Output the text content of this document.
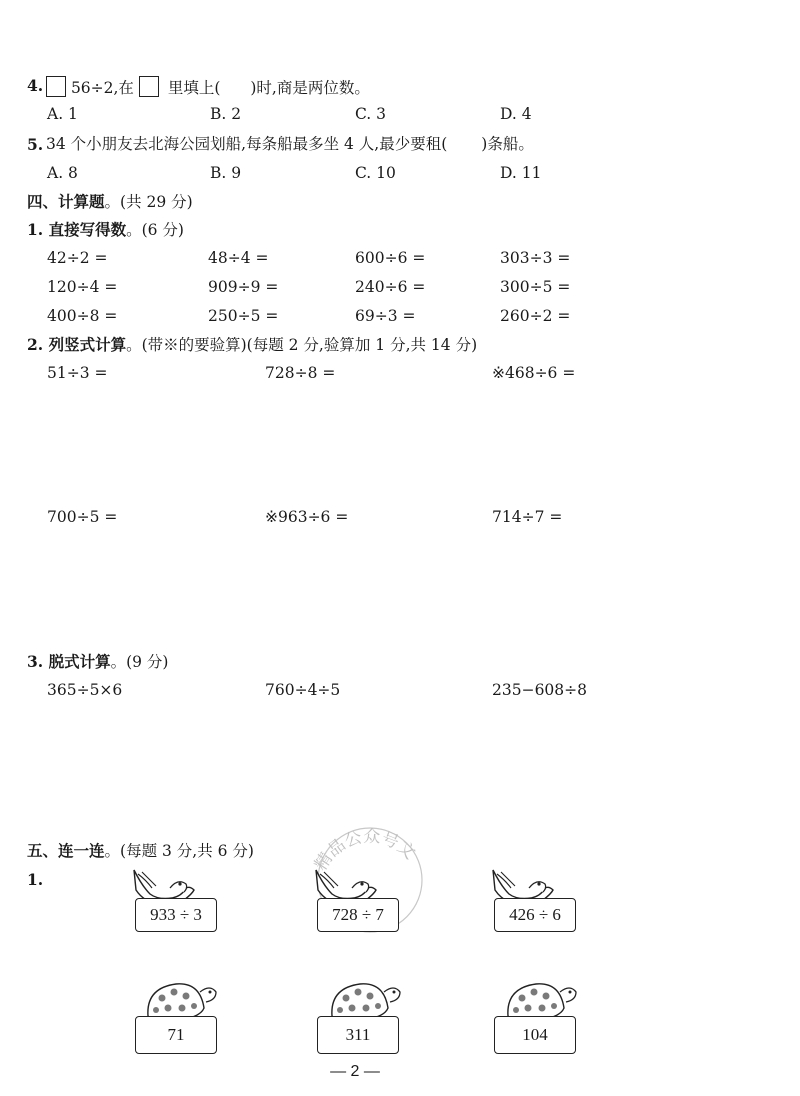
4.	56÷2,在 里填上( )时,商是两位数。
A. 1	B. 2	C. 3	D. 4
5. 34 个小朋友去北海公园划船,每条船最多坐 4 人,最少要租( )条船。
A. 8	B. 9	C. 10	D. 11
四、计算题。(共 29 分)
1. 直接写得数。(6 分)
42÷2 =	48÷4 =	600÷6 =	303÷3 =
120÷4 =	909÷9 =	240÷6 =	300÷5 =
400÷8 =	250÷5 =	69÷3 =	260÷2 =
2. 列竖式计算。(带※的要验算)(每题 2 分,验算加 1 分,共 14 分)
51÷3 =	728÷8 =	※468÷6 =
700÷5 =	※963÷6 =	714÷7 =
3. 脱式计算。(9 分)
365÷5×6	760÷4÷5	235−608÷8
五、连一连。(每题 3 分,共 6 分)
1.
精品公众号文
933 ÷ 3	728 ÷ 7	426 ÷ 6
71	311	104
— 2 —
